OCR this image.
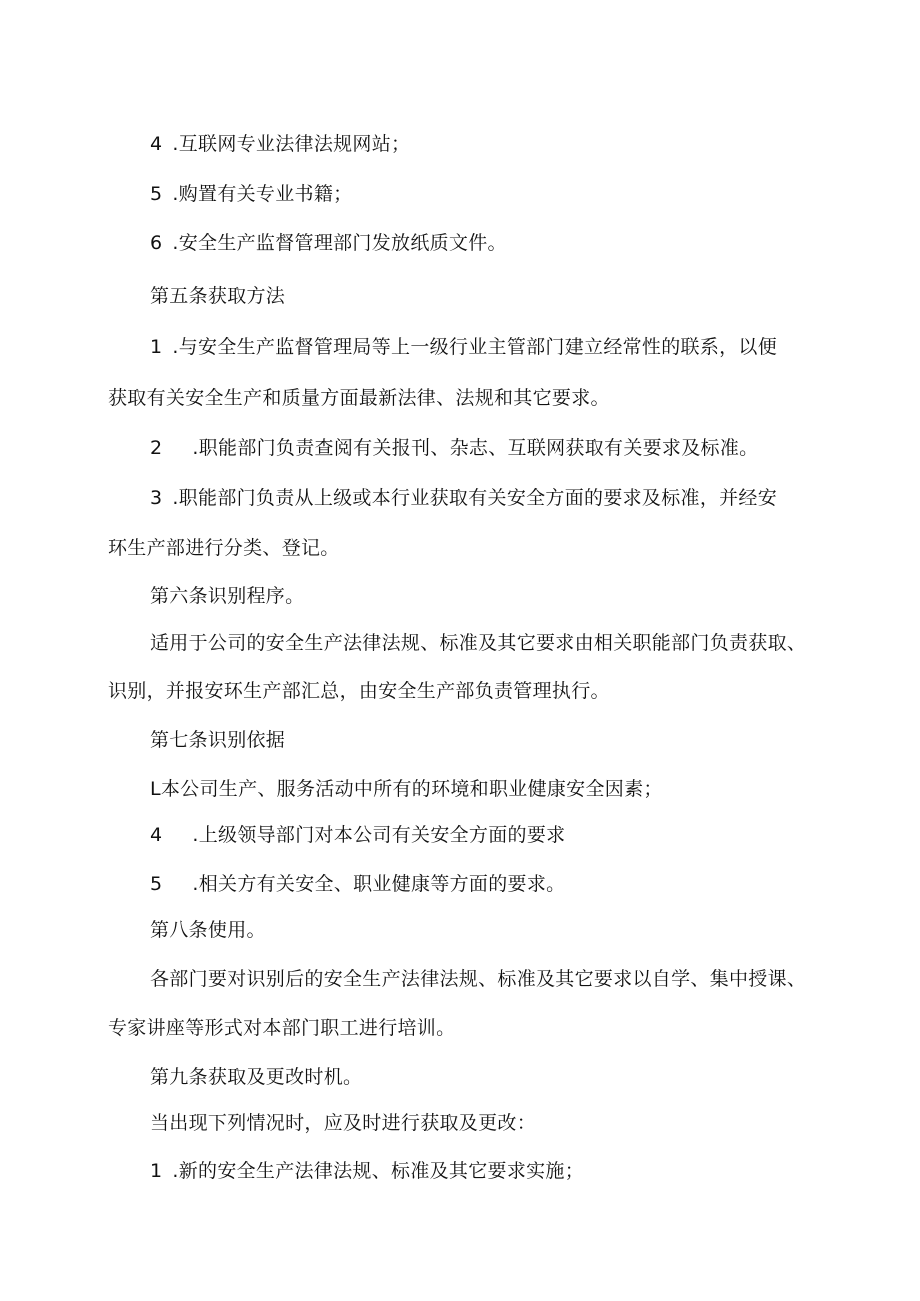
4.互联网专业法律法规网站；
5.购置有关专业书籍；
6.安全生产监督管理部门发放纸质文件。
第五条获取方法
1.与安全生产监督管理局等上一级行业主管部门建立经常性的联系，以便
获取有关安全生产和质量方面最新法律、法规和其它要求。
2.职能部门负责查阅有关报刊、杂志、互联网获取有关要求及标准。
3.职能部门负责从上级或本行业获取有关安全方面的要求及标准，并经安
环生产部进行分类、登记。
第六条识别程序。
适用于公司的安全生产法律法规、标准及其它要求由相关职能部门负责获取、
识别，并报安环生产部汇总，由安全生产部负责管理执行。
第七条识别依据
L本公司生产、服务活动中所有的环境和职业健康安全因素；
4.上级领导部门对本公司有关安全方面的要求
5.相关方有关安全、职业健康等方面的要求。
第八条使用。
各部门要对识别后的安全生产法律法规、标准及其它要求以自学、集中授课、
专家讲座等形式对本部门职工进行培训。
第九条获取及更改时机。
当出现下列情况时，应及时进行获取及更改：
1.新的安全生产法律法规、标准及其它要求实施；
